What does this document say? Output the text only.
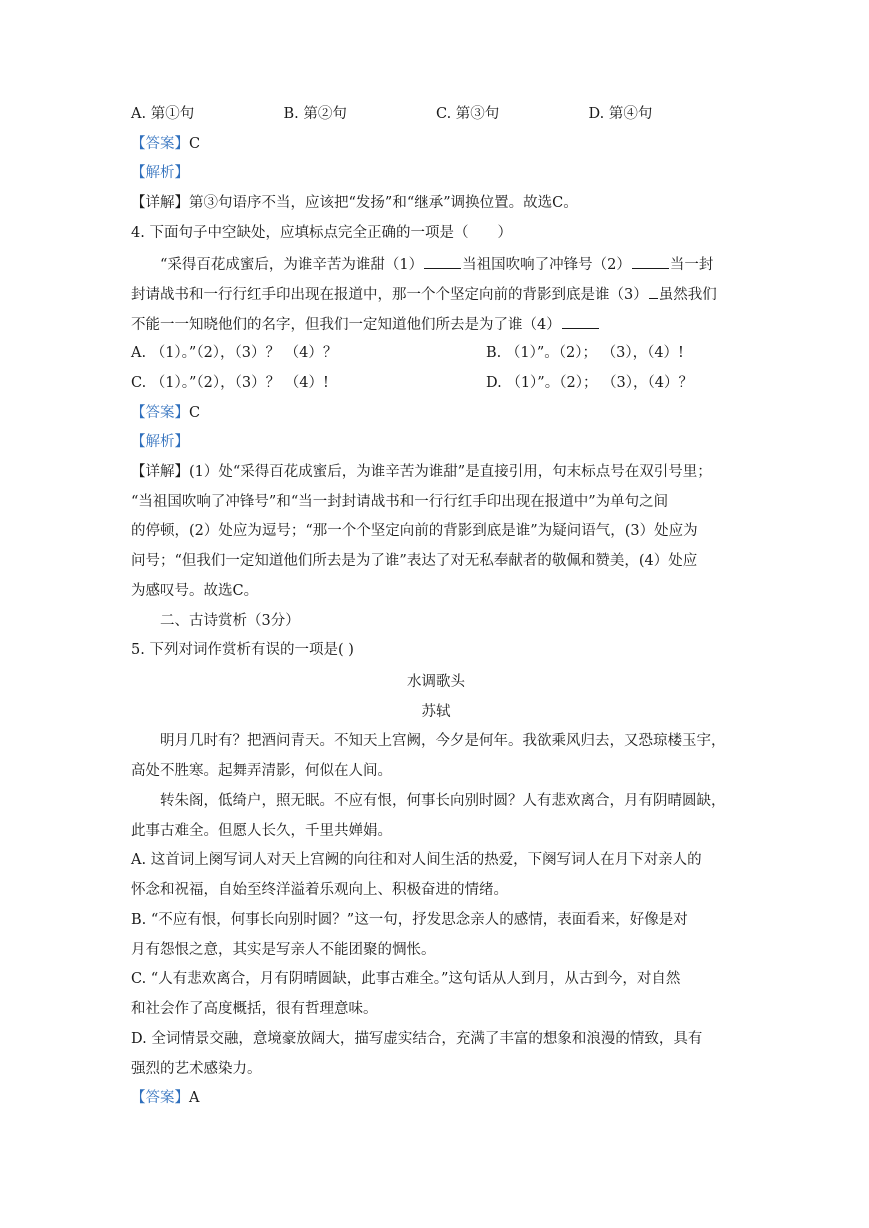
A. 第①句	B. 第②句	C. 第③句	D. 第④句
【答案】C
【解析】
【详解】第③句语序不当，应该把“发扬”和“继承”调换位置。故选C。
4. 下面句子中空缺处，应填标点完全正确的一项是（　　）
“采得百花成蜜后，为谁辛苦为谁甜（1）	当祖国吹响了冲锋号（2）	当一封
封请战书和一行行红手印出现在报道中，那一个个坚定向前的背影到底是谁（3） 虽然我们
不能一一知晓他们的名字，但我们一定知道他们所去是为了谁（4）
A. （1）。”（2），（3）？ （4）？	B. （1）”。（2）； （3），（4）!
C. （1）。”（2），（3）？ （4）!	D. （1）”。（2）； （3），（4）？
【答案】C
【解析】
【详解】(1）处“采得百花成蜜后，为谁辛苦为谁甜”是直接引用，句末标点号在双引号里；
“当祖国吹响了冲锋号”和“当一封封请战书和一行行红手印出现在报道中”为单句之间
的停顿，(2）处应为逗号；“那一个个坚定向前的背影到底是谁”为疑问语气，(3）处应为
问号；“但我们一定知道他们所去是为了谁”表达了对无私奉献者的敬佩和赞美，(4）处应
为感叹号。故选C。
二、古诗赏析（3分）
5. 下列对词作赏析有误的一项是( )
水调歌头
苏轼
明月几时有？把酒问青天。不知天上宫阙，今夕是何年。我欲乘风归去，又恐琼楼玉宇，
高处不胜寒。起舞弄清影，何似在人间。
转朱阁，低绮户，照无眠。不应有恨，何事长向别时圆？人有悲欢离合，月有阴晴圆缺，
此事古难全。但愿人长久，千里共婵娟。
A. 这首词上阕写词人对天上宫阙的向往和对人间生活的热爱，下阕写词人在月下对亲人的
怀念和祝福，自始至终洋溢着乐观向上、积极奋进的情绪。
B. “不应有恨，何事长向别时圆？”这一句，抒发思念亲人的感情，表面看来，好像是对
月有怨恨之意，其实是写亲人不能团聚的惆怅。
C. “人有悲欢离合，月有阴晴圆缺，此事古难全。”这句话从人到月，从古到今，对自然
和社会作了高度概括，很有哲理意味。
D. 全词情景交融，意境豪放阔大，描写虚实结合，充满了丰富的想象和浪漫的情致，具有
强烈的艺术感染力。
【答案】A
